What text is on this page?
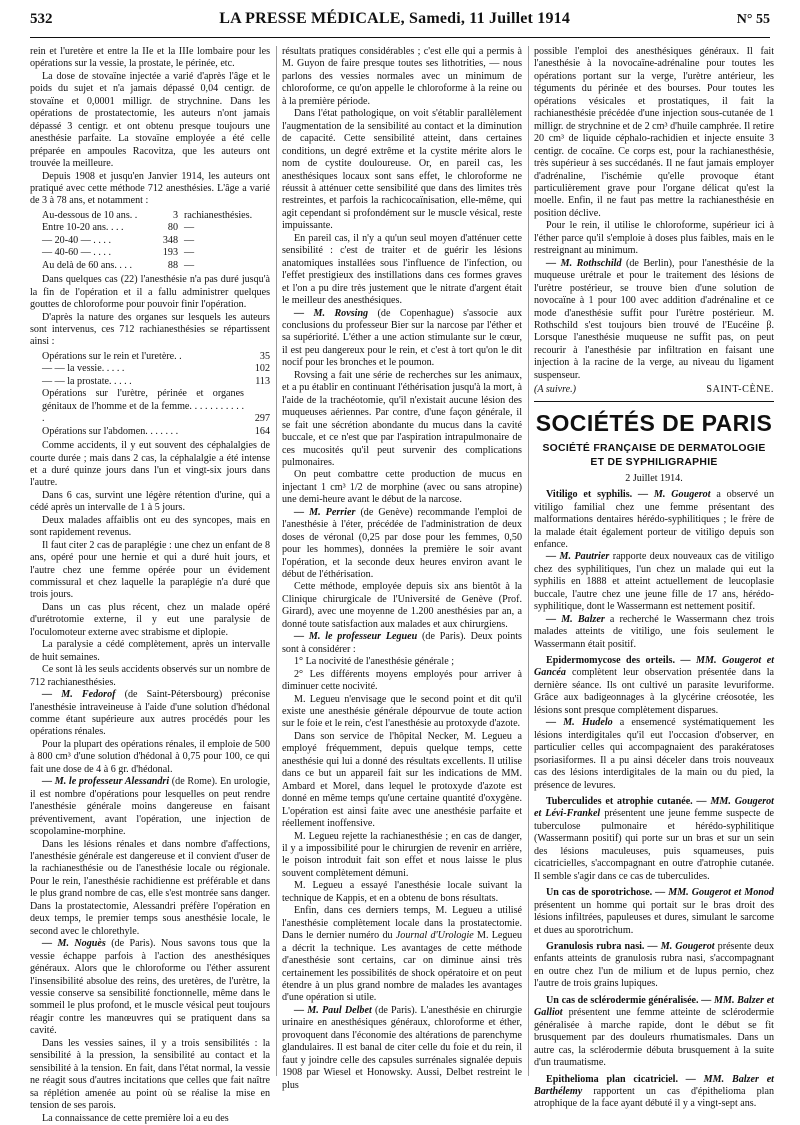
532	LA PRESSE MÉDICALE, Samedi, 11 Juillet 1914	N° 55

rein et l'uretère et entre la IIe et la IIIe lombaire pour les opérations sur la vessie, la prostate, le périnée, etc.

La dose de stovaïne injectée a varié d'après l'âge et le poids du sujet et n'a jamais dépassé 0,04 centigr. de stovaïne et 0,0001 milligr. de strychnine. Dans les opérations de prostatectomie, les auteurs n'ont jamais dépassé 3 centigr. et ont obtenu presque toujours une anesthésie parfaite. La stovaïne employée a été celle préparée en ampoules Racovitza, que les auteurs ont trouvée la meilleure.

Depuis 1908 et jusqu'en Janvier 1914, les auteurs ont pratiqué avec cette méthode 712 anesthésies. L'âge a varié de 3 à 78 ans, et notamment :

Au-dessous de 10 ans. .	3 rachianesthésies.
Entre 10-20 ans. . . .	80 —
— 20-40 — . . . .	348 —
— 40-60 — . . . .	193 —
Au delà de 60 ans. . . .	88 —

Dans quelques cas (22) l'anesthésie n'a pas duré jusqu'à la fin de l'opération et il a fallu administrer quelques gouttes de chloroforme pour pouvoir finir l'opération.

D'après la nature des organes sur lesquels les auteurs sont intervenus, ces 712 rachianesthésies se répartissent ainsi :

Opérations sur le rein et l'uretère. .	35
— — la vessie. . . . .	102
— — la prostate. . . . .	113
Opérations sur l'urètre, périnée et organes génitaux de l'homme et de la femme. . . . . . . . . . . .	297
Opérations sur l'abdomen. . . . . . .	164

Comme accidents, il y eut souvent des céphalalgies de courte durée ; mais dans 2 cas, la céphalalgie a été intense et a duré quinze jours dans l'un et vingt-six jours dans l'autre.

Dans 6 cas, survint une légère rétention d'urine, qui a cédé après un intervalle de 1 à 5 jours.

Deux malades affaiblis ont eu des syncopes, mais en sont rapidement revenus.

Il faut citer 2 cas de paraplégie : une chez un enfant de 8 ans, opéré pour une hernie et qui a duré huit jours, et l'autre chez une femme opérée pour un évidement commissural et chez laquelle la paraplégie n'a duré que trois jours.

Dans un cas plus récent, chez un malade opéré d'urétrotomie externe, il y eut une paralysie de l'oculomoteur externe avec strabisme et diplopie.

La paralysie a cédé complètement, après un intervalle de huit semaines.

Ce sont là les seuls accidents observés sur un nombre de 712 rachianesthésies.

— M. Fedorof (de Saint-Pétersbourg) préconise l'anesthésie intraveineuse à l'aide d'une solution d'hédonal comme étant supérieure aux autres procédés pour les opérations rénales.

Pour la plupart des opérations rénales, il emploie de 500 à 800 cm³ d'une solution d'hédonal à 0,75 pour 100, ce qui fait une dose de 4 à 6 gr. d'hédonal.

— M. le professeur Alessandri (de Rome). En urologie, il est nombre d'opérations pour lesquelles on peut rendre l'anesthésie générale moins dangereuse en faisant préventivement, avant l'opération, une injection de scopolamine-morphine.

Dans les lésions rénales et dans nombre d'affections, l'anesthésie générale est dangereuse et il convient d'user de la rachianesthésie ou de l'anesthésie locale ou régionale. Pour le rein, l'anesthésie rachidienne est préférable et dans le plus grand nombre de cas, elle s'est montrée sans danger. Dans la prostatectomie, Alessandri préfère l'opération en deux temps, le premier temps sous anesthésie locale, le second avec le chlorethyle.

— M. Noguès (de Paris). Nous savons tous que la vessie échappe parfois à l'action des anesthésiques généraux. Alors que le chloroforme ou l'éther assurent l'insensibilité absolue des reins, des uretères, de l'urètre, la vessie conserve sa sensibilité fonctionnelle, même dans le sommeil le plus profond, et le muscle vésical peut toujours réagir contre les manœuvres qui se pratiquent dans sa cavité.

Dans les vessies saines, il y a trois sensibilités : la sensibilité à la pression, la sensibilité au contact et la sensibilité à la tension. En fait, dans l'état normal, la vessie ne réagit sous d'autres incitations que celles que fait naître sa réplétion amenée au point où se réalise la mise en tension de ses parois.

La connaissance de cette première loi a eu des

résultats pratiques considérables ; c'est elle qui a permis à M. Guyon de faire presque toutes ses lithotrities, — nous parlons des vessies normales avec un minimum de chloroforme, ce qu'on appelle le chloroforme à la reine ou à la première période.

Dans l'état pathologique, on voit s'établir parallèlement l'augmentation de la sensibilité au contact et la diminution de capacité. Cette sensibilité atteint, dans certaines conditions, un degré extrême et la cystite mérite alors le nom de cystite douloureuse. Or, en pareil cas, les anesthésiques locaux sont sans effet, le chloroforme ne réussit à atténuer cette sensibilité que dans des limites très restreintes, et parfois la rachicocaïnisation, elle-même, qui agit cependant si profondément sur le muscle vésical, reste impuissante.

En pareil cas, il n'y a qu'un seul moyen d'atténuer cette sensibilité : c'est de traiter et de guérir les lésions anatomiques installées sous l'influence de l'infection, ou l'effet prestigieux des instillations dans ces formes graves et l'on a pu dire très justement que le nitrate d'argent était le meilleur des anesthésiques.

— M. Rovsing (de Copenhague) s'associe aux conclusions du professeur Bier sur la narcose par l'éther et sa supériorité. L'éther a une action stimulante sur le cœur, il est peu dangereux pour le rein, et c'est à tort qu'on le dit nocif pour les bronches et le poumon.

Rovsing a fait une série de recherches sur les animaux, et a pu établir en continuant l'éthérisation jusqu'à la mort, à l'aide de la trachéotomie, qu'il n'existait aucune lésion des muqueuses aériennes. Par contre, d'une façon générale, il se fait une sécrétion abondante du mucus dans la cavité buccale, et ce n'est que par l'aspiration intrapulmonaire de ces mucosités qu'il peut survenir des complications pulmonaires.

On peut combattre cette production de mucus en injectant 1 cm³ 1/2 de morphine (avec ou sans atropine) une demi-heure avant le début de la narcose.

— M. Perrier (de Genève) recommande l'emploi de l'anesthésie à l'éter, précédée de l'administration de deux doses de véronal (0,25 par dose pour les femmes, 0,50 pour les hommes), données la première le soir avant l'opération, et la seconde deux heures environ avant le début de l'éthérisation.

Cette méthode, employée depuis six ans bientôt à la Clinique chirurgicale de l'Université de Genève (Prof. Girard), avec une moyenne de 1.200 anesthésies par an, a donné toute satisfaction aux malades et aux chirurgiens.

— M. le professeur Legueu (de Paris). Deux points sont à considérer :

1° La nocivité de l'anesthésie générale ;

2° Les différents moyens employés pour arriver à diminuer cette nocivité.

M. Legueu n'envisage que le second point et dit qu'il existe une anesthésie générale dépourvue de toute action sur le foie et le rein, c'est l'anesthésie au protoxyde d'azote.

Dans son service de l'hôpital Necker, M. Legueu a employé fréquemment, depuis quelque temps, cette anesthésie qui lui a donné des résultats excellents. Il utilise dans ce but un appareil fait sur les indications de MM. Ambard et Morel, dans lequel le protoxyde d'azote est donné en même temps qu'une certaine quantité d'oxygène. L'opération est ainsi faite avec une anesthésie parfaite et réellement inoffensive.

M. Legueu rejette la rachianesthésie ; en cas de danger, il y a impossibilité pour le chirurgien de revenir en arrière, le poison introduit fait son effet et nous laisse le plus souvent complètement démuni.

M. Legueu a essayé l'anesthésie locale suivant la technique de Kappis, et en a obtenu de bons résultats.

Enfin, dans ces derniers temps, M. Legueu a utilisé l'anesthésie complètement locale dans la prostatectomie. Dans le dernier numéro du Journal d'Urologie M. Legueu a décrit la technique. Les avantages de cette méthode d'anesthésie sont certains, car on diminue ainsi très certainement les possibilités de shock opératoire et on peut étendre à un plus grand nombre de malades les avantages d'une opération si utile.

— M. Paul Delbet (de Paris). L'anesthésie en chirurgie urinaire en anesthésiques généraux, chloroforme et éther, provoquent dans l'économie des altérations de parenchyme glandulaires. Il est banal de citer celle du foie et du rein, il faut y joindre celle des capsules surrénales signalée depuis 1908 par Wiesel et Honowsky. Aussi, Delbet restreint le plus

possible l'emploi des anesthésiques généraux. Il fait l'anesthésie à la novocaïne-adrénaline pour toutes les opérations portant sur la verge, l'urètre antérieur, les téguments du périnée et des bourses. Pour toutes les opérations vésicales et prostatiques, il fait la rachianesthésie précédée d'une injection sous-cutanée de 1 milligr. de strychnine et de 2 cm³ d'huile camphrée. Il retire 20 cm³ de liquide céphalo-rachidien et injecte ensuite 3 centigr. de cocaïne. Ce corps est, pour la rachianesthésie, très supérieur à ses succédanés. Il ne faut jamais employer d'adrénaline, l'ischémie qu'elle provoque étant particulièrement grave pour l'organe délicat qu'est la moelle. Enfin, il ne faut pas mettre la rachianesthésie en position déclive.

Pour le rein, il utilise le chloroforme, supérieur ici à l'éther parce qu'il s'emploie à doses plus faibles, mais en le restreignant au minimum.

— M. Rothschild (de Berlin), pour l'anesthésie de la muqueuse urétrale et pour le traitement des lésions de l'urètre postérieur, se trouve bien d'une solution de novocaïne à 1 pour 100 avec addition d'adrénaline et ce mode d'anesthésie suffit pour l'urètre postérieur. M. Rothschild s'est toujours bien trouvé de l'Eucéine β. Lorsque l'anesthésie muqueuse ne suffit pas, on peut recourir à l'anesthésie par infiltration en faisant une injection à la racine de la verge, au niveau du ligament suspenseur.

(A suivre.)	SAINT-CÈNE.
SOCIÉTÉS DE PARIS
SOCIÉTÉ FRANÇAISE DE DERMATOLOGIE
ET DE SYPHILIGRAPHIE

2 Juillet 1914.

Vitiligo et syphilis. — M. Gougerot a observé un vitiligo familial chez une femme présentant des malformations dentaires hérédo-syphilitiques ; le frère de la malade était également porteur de vitiligo depuis son enfance.

— M. Pautrier rapporte deux nouveaux cas de vitiligo chez des syphilitiques, l'un chez un malade qui eut la syphilis en 1888 et atteint actuellement de leucoplasie buccale, l'autre chez une jeune fille de 17 ans, hérédo-syphilitique, dont le Wassermann est nettement positif.

— M. Balzer a recherché le Wassermann chez trois malades atteints de vitiligo, une fois seulement le Wassermann était positif.

Epidermomycose des orteils. — MM. Gougerot et Gancéa complètent leur observation présentée dans la dernière séance. Ils ont cultivé un parasite levuriforme. Grâce aux badigeonnages à la glycérine créosotée, les lésions sont presque complètement disparues.

— M. Hudelo a ensemencé systématiquement les lésions interdigitales qu'il eut l'occasion d'observer, en particulier celles qui accompagnaient des parakératoses psoriasiformes. Il a pu ainsi déceler dans trois nouveaux cas des lésions interdigitales de la main ou du pied, la présence de levures.

Tuberculides et atrophie cutanée. — MM. Gougerot et Lévi-Frankel présentent une jeune femme suspecte de tuberculose pulmonaire et hérédo-syphilitique (Wassermann positif) qui porte sur un bras et sur un sein des lésions maculeuses, puis squameuses, puis cicatricielles, s'accompagnant en outre d'atrophie cutanée. Il semble s'agir dans ce cas de tuberculides.

Un cas de sporotrichose. — MM. Gougerot et Monod présentent un homme qui portait sur le bras droit des lésions infiltrées, papuleuses et dures, simulant le sarcome et dues au sporotrichum.

Granulosis rubra nasi. — M. Gougerot présente deux enfants atteints de granulosis rubra nasi, s'accompagnant en outre chez l'un de milium et de lupus pernio, chez l'autre de trois grains lupiques.

Un cas de sclérodermie généralisée. — MM. Balzer et Galliot présentent une femme atteinte de sclérodermie généralisée à marche rapide, dont le début se fit brusquement par des douleurs rhumatismales. Dans un autre cas, la sclérodermie débuta brusquement à la suite d'un traumatisme.

Epithelioma plan cicatriciel. — MM. Balzer et Barthélemy rapportent un cas d'épithelioma plan atrophique de la face ayant débuté il y a vingt-sept ans.
